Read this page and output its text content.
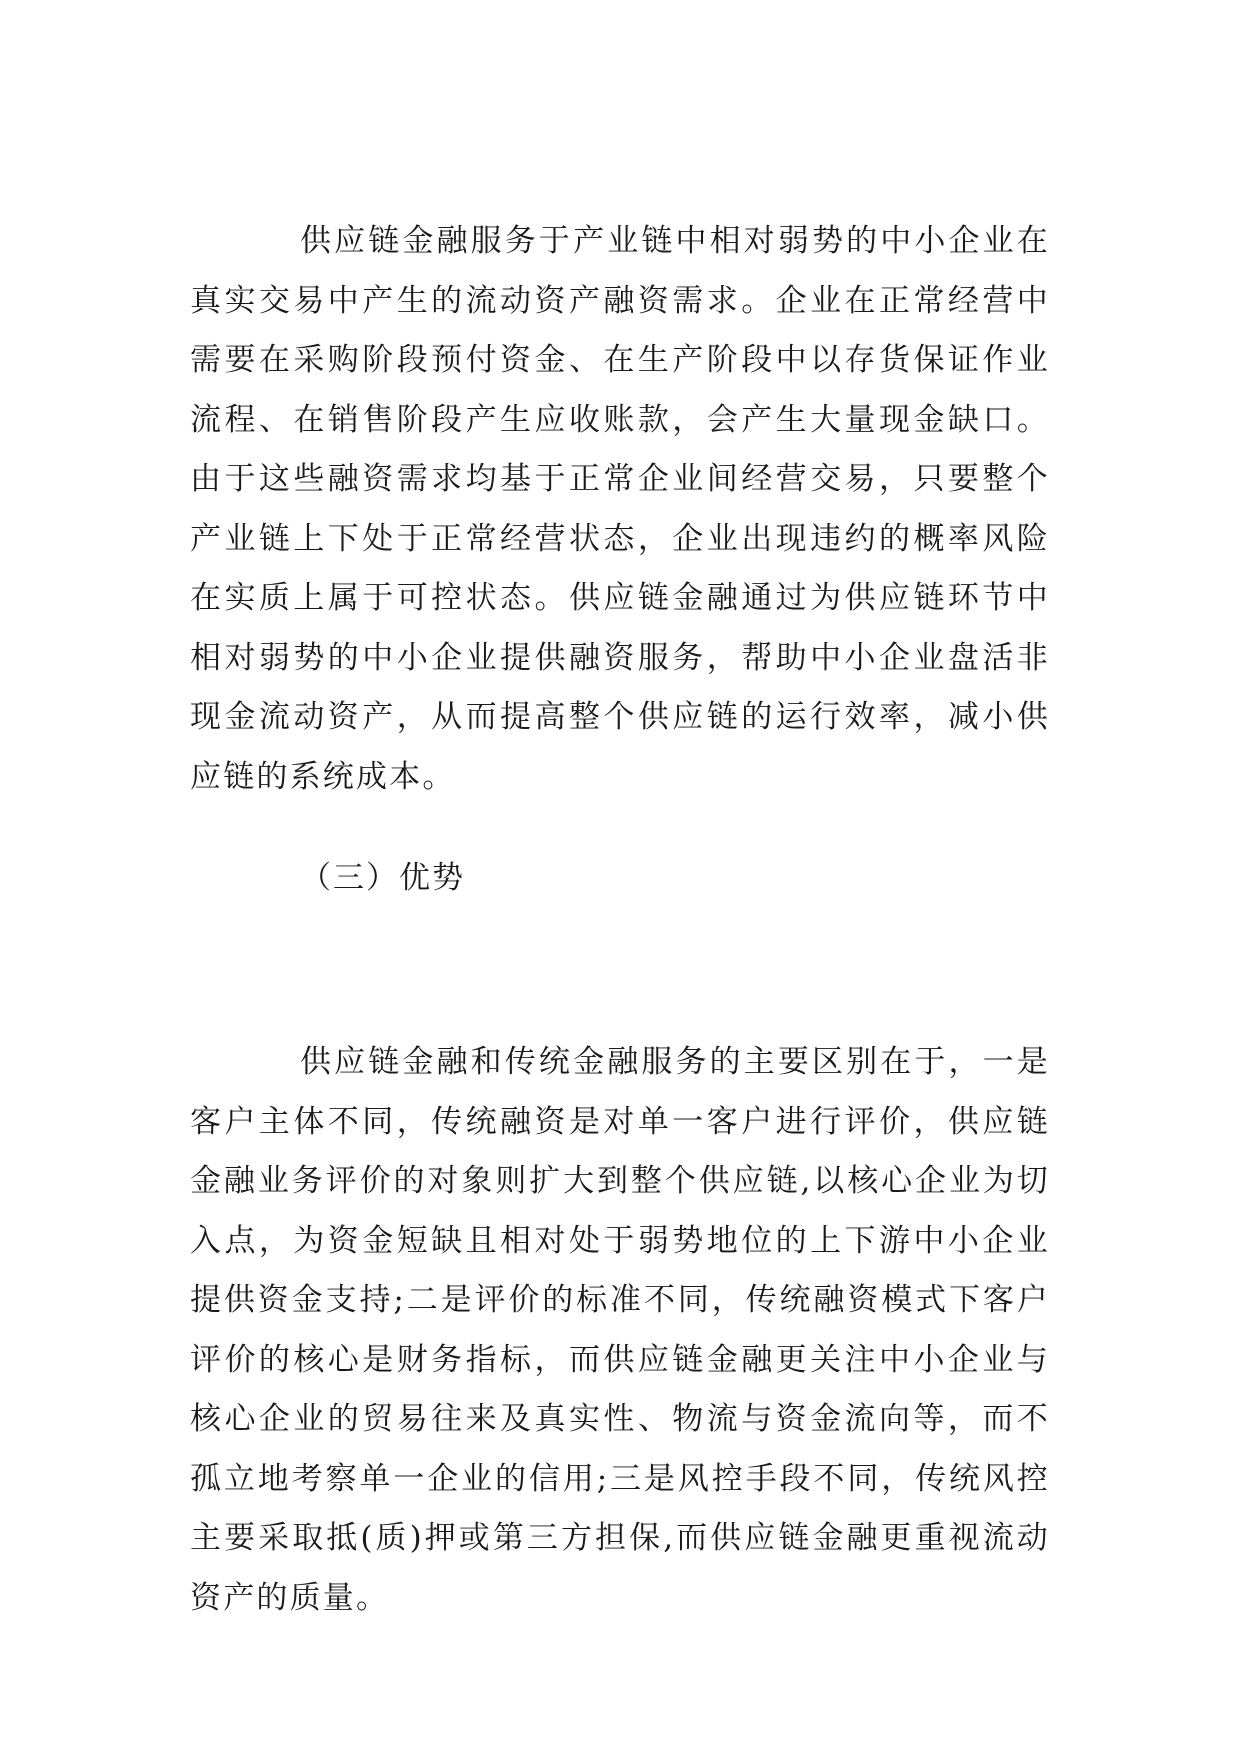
供应链金融服务于产业链中相对弱势的中小企业在真实交易中产生的流动资产融资需求。企业在正常经营中需要在采购阶段预付资金、在生产阶段中以存货保证作业流程、在销售阶段产生应收账款，会产生大量现金缺口。由于这些融资需求均基于正常企业间经营交易，只要整个产业链上下处于正常经营状态，企业出现违约的概率风险在实质上属于可控状态。供应链金融通过为供应链环节中相对弱势的中小企业提供融资服务，帮助中小企业盘活非现金流动资产，从而提高整个供应链的运行效率，减小供应链的系统成本。

（三）优势

供应链金融和传统金融服务的主要区别在于，一是客户主体不同，传统融资是对单一客户进行评价，供应链金融业务评价的对象则扩大到整个供应链,以核心企业为切入点，为资金短缺且相对处于弱势地位的上下游中小企业提供资金支持;二是评价的标准不同，传统融资模式下客户评价的核心是财务指标，而供应链金融更关注中小企业与核心企业的贸易往来及真实性、物流与资金流向等，而不孤立地考察单一企业的信用;三是风控手段不同，传统风控主要采取抵(质)押或第三方担保,而供应链金融更重视流动资产的质量。
